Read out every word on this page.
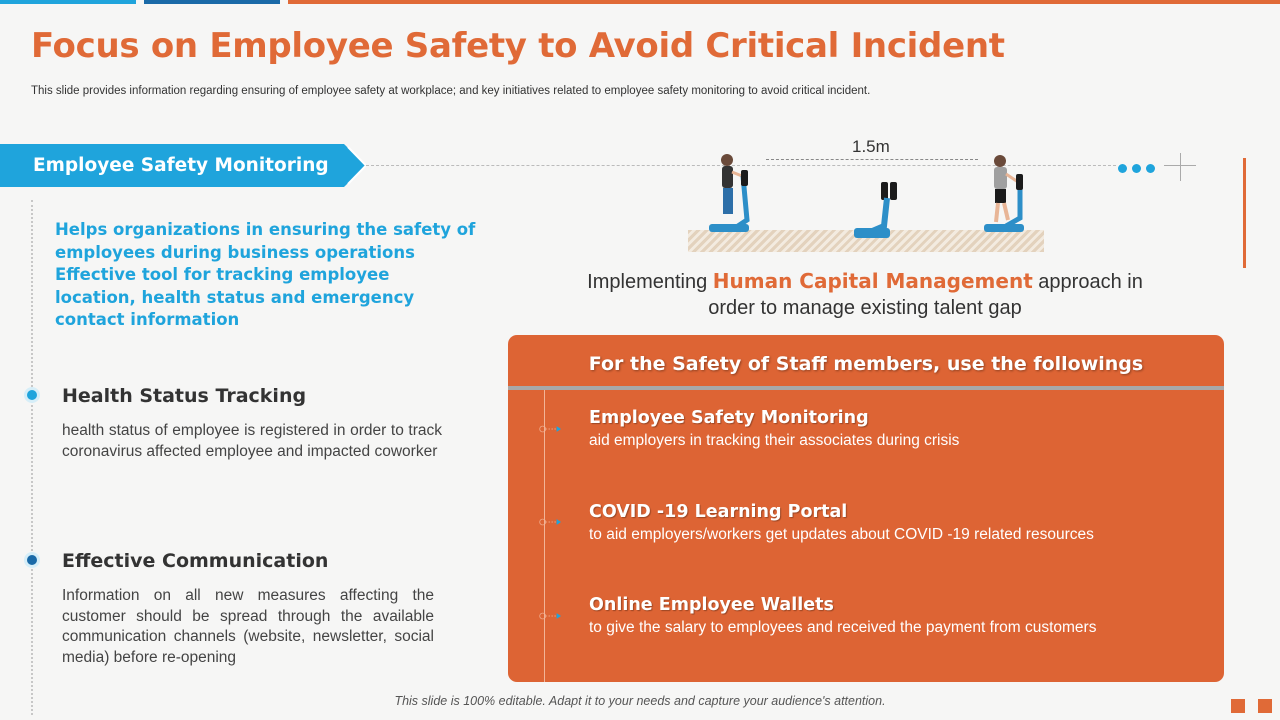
Focus on Employee Safety to Avoid Critical Incident
This slide provides information regarding ensuring of employee safety at workplace; and key initiatives related to employee safety monitoring to avoid critical incident.
Employee Safety Monitoring
Helps organizations in ensuring the safety of
employees during business operations
Effective tool for tracking employee
location, health status and emergency
contact information
Health Status Tracking
health status of employee is registered in order to track coronavirus affected employee and impacted coworker
Effective Communication
Information on all new measures affecting the customer should be spread through the available communication channels (website, newsletter, social media) before re-opening
1.5m
Implementing Human Capital Management approach in
order to manage existing talent gap
For the Safety of Staff members, use the followings
Employee Safety Monitoring
aid employers in tracking their associates during crisis
COVID -19 Learning Portal
to aid employers/workers get updates about COVID -19 related resources
Online Employee Wallets
to give the salary to employees and received the payment from customers
This slide is 100% editable. Adapt it to your needs and capture your audience's attention.
